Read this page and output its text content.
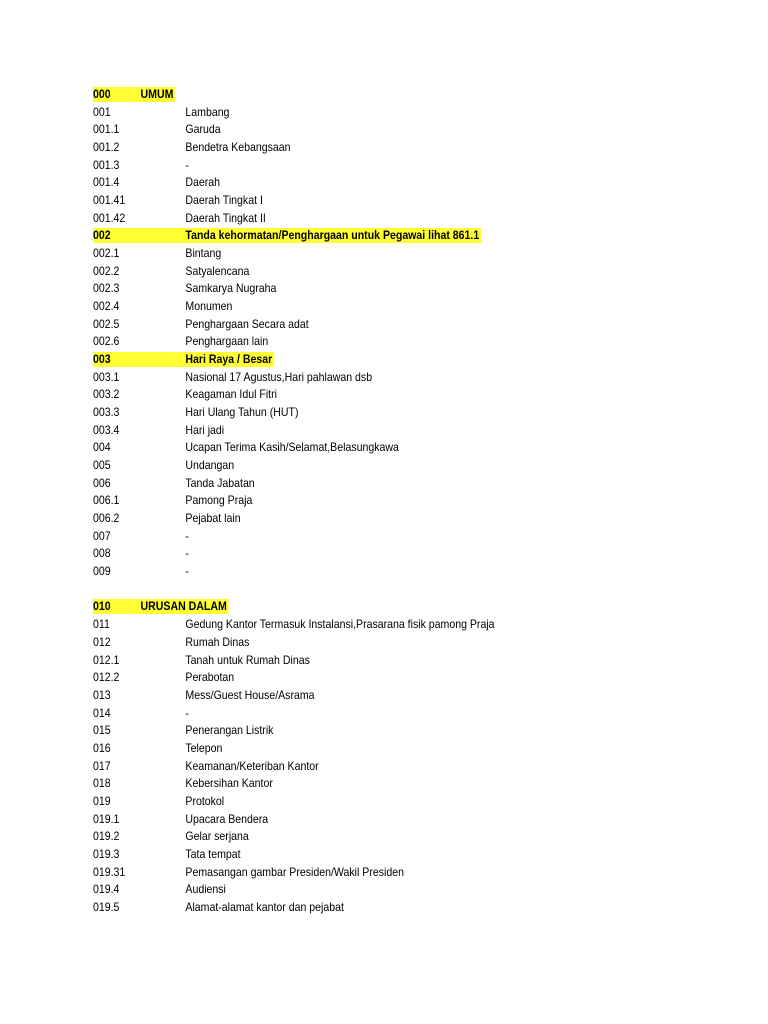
000 UMUM
001	Lambang
001.1	Garuda
001.2	Bendetra Kebangsaan
001.3	-
001.4	Daerah
001.41	Daerah Tingkat I
001.42	Daerah Tingkat II
002	Tanda kehormatan/Penghargaan untuk Pegawai lihat 861.1
002.1	Bintang
002.2	Satyalencana
002.3	Samkarya Nugraha
002.4	Monumen
002.5	Penghargaan Secara adat
002.6	Penghargaan lain
003	Hari Raya / Besar
003.1	Nasional 17 Agustus,Hari pahlawan dsb
003.2	Keagaman Idul Fitri
003.3	Hari Ulang Tahun (HUT)
003.4	Hari jadi
004	Ucapan Terima Kasih/Selamat,Belasungkawa
005	Undangan
006	Tanda Jabatan
006.1	Pamong Praja
006.2	Pejabat lain
007	-
008	-
009	-
010 URUSAN DALAM
011	Gedung Kantor Termasuk Instalansi,Prasarana fisik pamong Praja
012	Rumah Dinas
012.1	Tanah untuk Rumah Dinas
012.2	Perabotan
013	Mess/Guest House/Asrama
014	-
015	Penerangan Listrik
016	Telepon
017	Keamanan/Keteriban Kantor
018	Kebersihan Kantor
019	Protokol
019.1	Upacara Bendera
019.2	Gelar serjana
019.3	Tata tempat
019.31	Pemasangan gambar Presiden/Wakil Presiden
019.4	Audiensi
019.5	Alamat-alamat kantor dan pejabat
